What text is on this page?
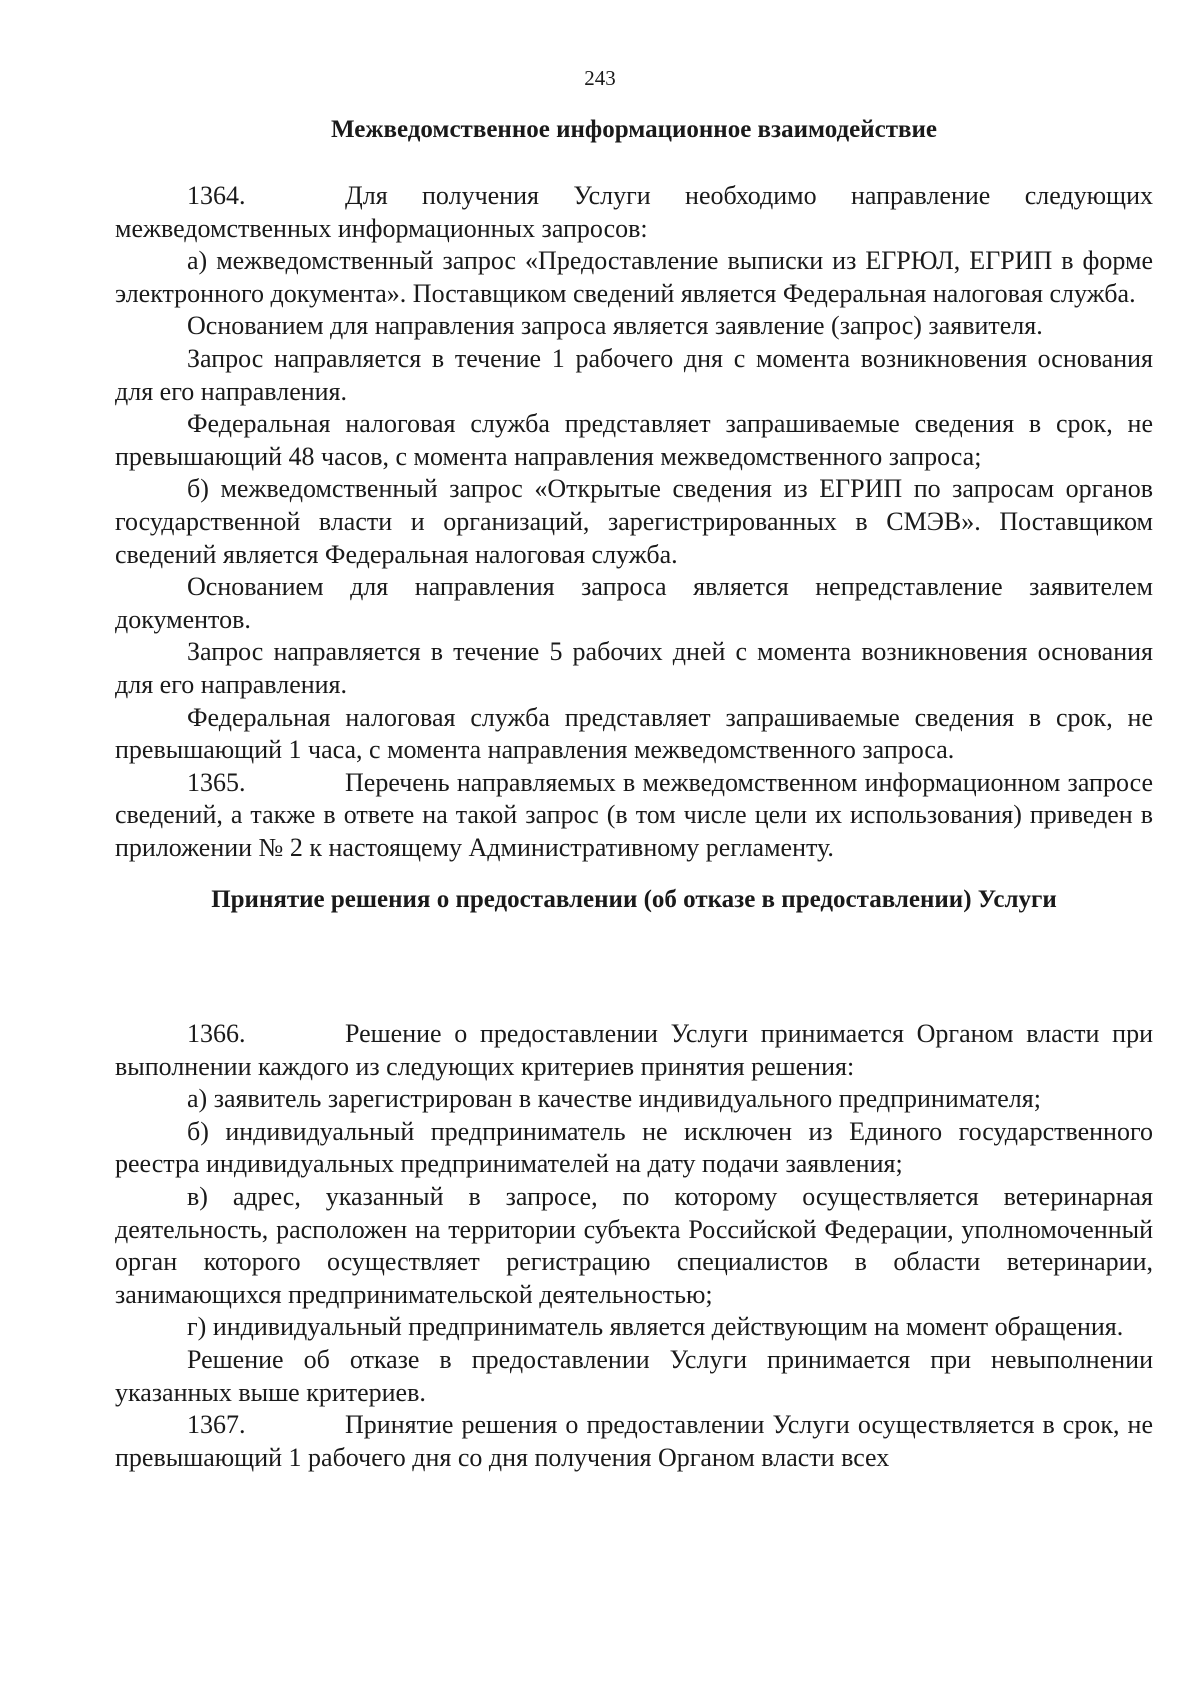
243
Межведомственное информационное взаимодействие

1364.	Для получения Услуги необходимо направление следующих межведомственных информационных запросов:

а) межведомственный запрос «Предоставление выписки из ЕГРЮЛ, ЕГРИП в форме электронного документа». Поставщиком сведений является Федеральная налоговая служба.

Основанием для направления запроса является заявление (запрос) заявителя.

Запрос направляется в течение 1 рабочего дня с момента возникновения основания для его направления.

Федеральная налоговая служба представляет запрашиваемые сведения в срок, не превышающий 48 часов, с момента направления межведомственного запроса;

б) межведомственный запрос «Открытые сведения из ЕГРИП по запросам органов государственной власти и организаций, зарегистрированных в СМЭВ». Поставщиком сведений является Федеральная налоговая служба.

Основанием для направления запроса является непредставление заявителем документов.

Запрос направляется в течение 5 рабочих дней с момента возникновения основания для его направления.

Федеральная налоговая служба представляет запрашиваемые сведения в срок, не превышающий 1 часа, с момента направления межведомственного запроса.

1365.	Перечень направляемых в межведомственном информационном запросе сведений, а также в ответе на такой запрос (в том числе цели их использования) приведен в приложении № 2 к настоящему Административному регламенту.

Принятие решения о предоставлении (об отказе в предоставлении) Услуги

1366.	Решение о предоставлении Услуги принимается Органом власти при выполнении каждого из следующих критериев принятия решения:

а) заявитель зарегистрирован в качестве индивидуального предпринимателя;

б) индивидуальный предприниматель не исключен из Единого государственного реестра индивидуальных предпринимателей на дату подачи заявления;

в) адрес, указанный в запросе, по которому осуществляется ветеринарная деятельность, расположен на территории субъекта Российской Федерации, уполномоченный орган которого осуществляет регистрацию специалистов в области ветеринарии, занимающихся предпринимательской деятельностью;

г) индивидуальный предприниматель является действующим на момент обращения.

Решение об отказе в предоставлении Услуги принимается при невыполнении указанных выше критериев.

1367.	Принятие решения о предоставлении Услуги осуществляется в срок, не превышающий 1 рабочего дня со дня получения Органом власти всех
